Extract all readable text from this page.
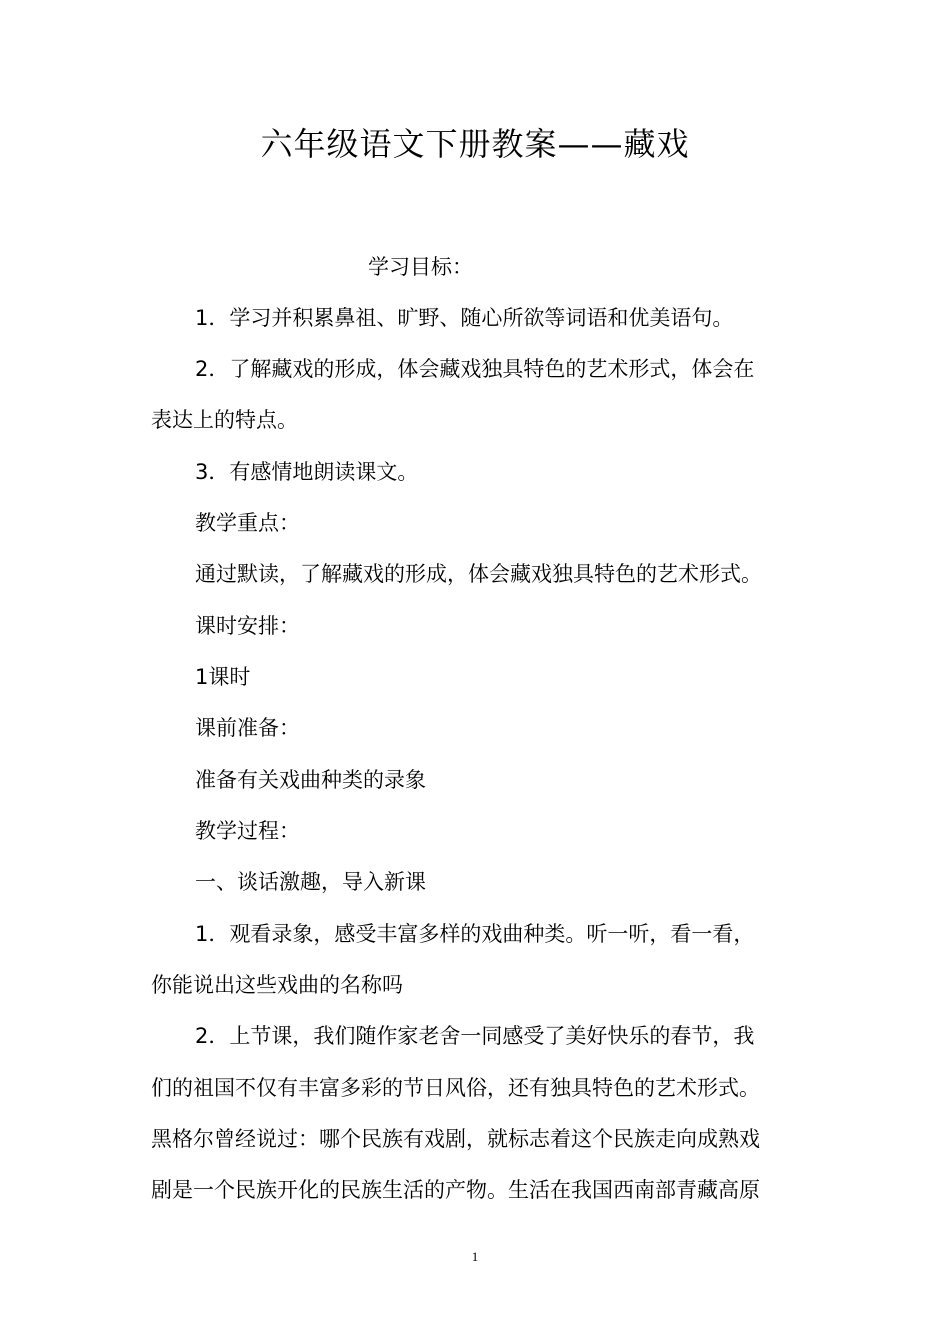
六年级语文下册教案——藏戏
学习目标：
1．学习并积累鼻祖、旷野、随心所欲等词语和优美语句。
2．了解藏戏的形成，体会藏戏独具特色的艺术形式，体会在
表达上的特点。
3．有感情地朗读课文。
教学重点：
通过默读，了解藏戏的形成，体会藏戏独具特色的艺术形式。
课时安排：
1课时
课前准备：
准备有关戏曲种类的录象
教学过程：
一、谈话激趣，导入新课
1．观看录象，感受丰富多样的戏曲种类。听一听，看一看，
你能说出这些戏曲的名称吗
2．上节课，我们随作家老舍一同感受了美好快乐的春节，我
们的祖国不仅有丰富多彩的节日风俗，还有独具特色的艺术形式。
黑格尔曾经说过：哪个民族有戏剧，就标志着这个民族走向成熟戏
剧是一个民族开化的民族生活的产物。生活在我国西南部青藏高原
1
